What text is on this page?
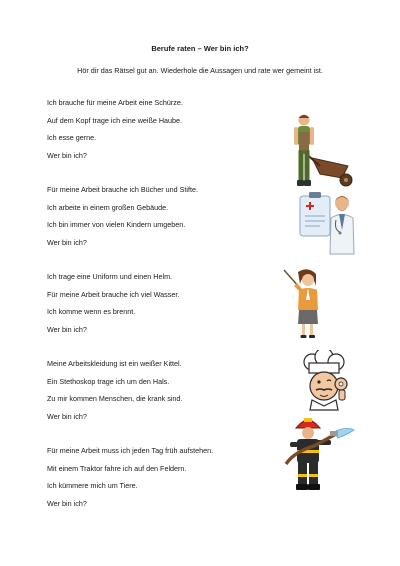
Berufe raten – Wer bin ich?
Hör dir das Rätsel gut an. Wiederhole die Aussagen und rate wer gemeint ist.
Ich brauche für meine Arbeit eine Schürze.
Auf dem Kopf trage ich eine weiße Haube.
Ich esse gerne.
Wer bin ich?
Für meine Arbeit brauche ich Bücher und Stifte.
Ich arbeite in einem großen Gebäude.
Ich bin immer von vielen Kindern umgeben.
Wer bin ich?
Ich trage eine Uniform und einen Helm.
Für meine Arbeit brauche ich viel Wasser.
Ich komme wenn es brennt.
Wer bin ich?
Meine Arbeitskleidung ist ein weißer Kittel.
Ein Stethoskop trage ich um den Hals.
Zu mir kommen Menschen, die krank sind.
Wer bin ich?
Für meine Arbeit muss ich jeden Tag früh aufstehen.
Mit einem Traktor fahre ich auf den Feldern.
Ich kümmere mich um Tiere.
Wer bin ich?
